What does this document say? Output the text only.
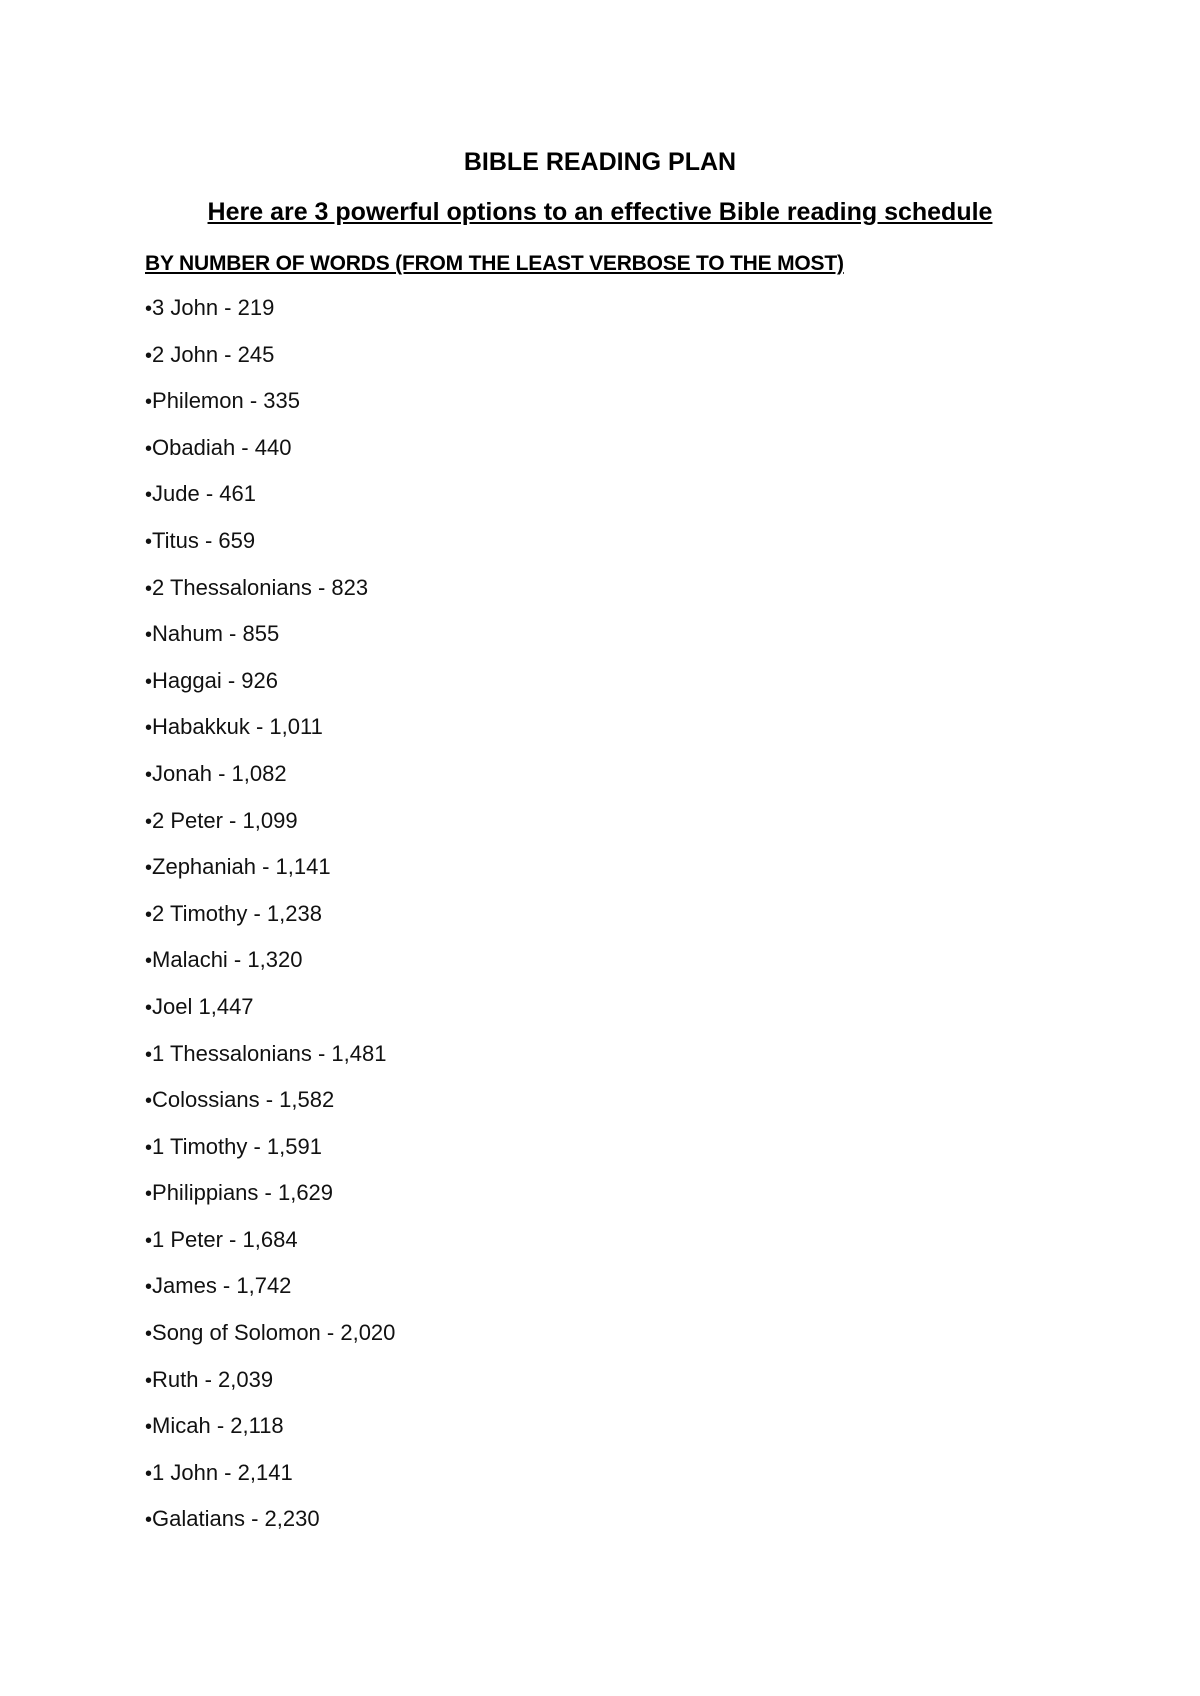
BIBLE READING PLAN
Here are 3 powerful options to an effective Bible reading schedule
BY NUMBER OF WORDS (FROM THE LEAST VERBOSE TO THE MOST)
•3 John - 219
•2 John - 245
•Philemon - 335
•Obadiah - 440
•Jude - 461
•Titus - 659
•2 Thessalonians - 823
•Nahum - 855
•Haggai - 926
•Habakkuk - 1,011
•Jonah - 1,082
•2 Peter - 1,099
•Zephaniah - 1,141
•2 Timothy - 1,238
•Malachi - 1,320
•Joel 1,447
•1 Thessalonians - 1,481
•Colossians - 1,582
•1 Timothy - 1,591
•Philippians - 1,629
•1 Peter - 1,684
•James - 1,742
•Song of Solomon - 2,020
•Ruth - 2,039
•Micah - 2,118
•1 John - 2,141
•Galatians - 2,230
